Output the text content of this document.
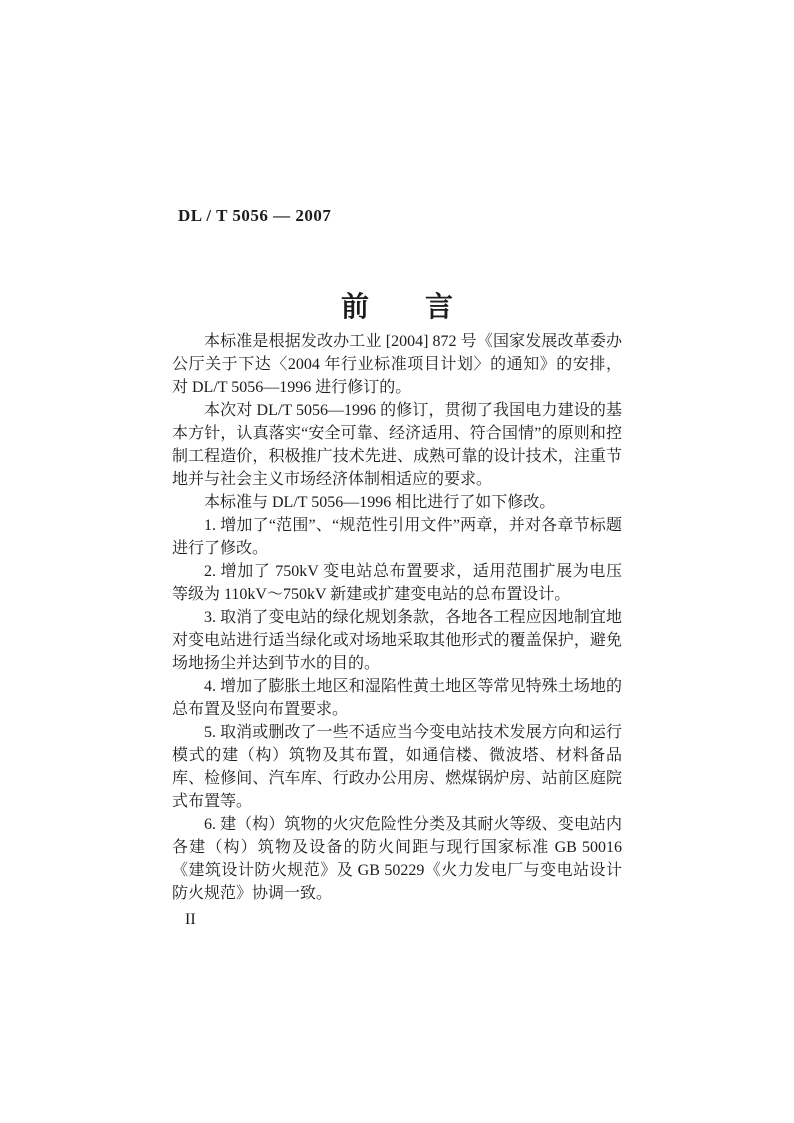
DL / T 5056 — 2007
前　　言

本标准是根据发改办工业 [2004] 872 号《国家发展改革委办公厅关于下达〈2004 年行业标准项目计划〉的通知》的安排，对 DL/T 5056—1996 进行修订的。

本次对 DL/T 5056—1996 的修订，贯彻了我国电力建设的基本方针，认真落实“安全可靠、经济适用、符合国情”的原则和控制工程造价，积极推广技术先进、成熟可靠的设计技术，注重节地并与社会主义市场经济体制相适应的要求。

本标准与 DL/T 5056—1996 相比进行了如下修改。

1. 增加了“范围”、“规范性引用文件”两章，并对各章节标题进行了修改。

2. 增加了 750kV 变电站总布置要求，适用范围扩展为电压等级为 110kV～750kV 新建或扩建变电站的总布置设计。

3. 取消了变电站的绿化规划条款，各地各工程应因地制宜地对变电站进行适当绿化或对场地采取其他形式的覆盖保护，避免场地扬尘并达到节水的目的。

4. 增加了膨胀土地区和湿陷性黄土地区等常见特殊土场地的总布置及竖向布置要求。

5. 取消或删改了一些不适应当今变电站技术发展方向和运行模式的建（构）筑物及其布置，如通信楼、微波塔、材料备品库、检修间、汽车库、行政办公用房、燃煤锅炉房、站前区庭院式布置等。

6. 建（构）筑物的火灾危险性分类及其耐火等级、变电站内各建（构）筑物及设备的防火间距与现行国家标准 GB 50016《建筑设计防火规范》及 GB 50229《火力发电厂与变电站设计防火规范》协调一致。

II
